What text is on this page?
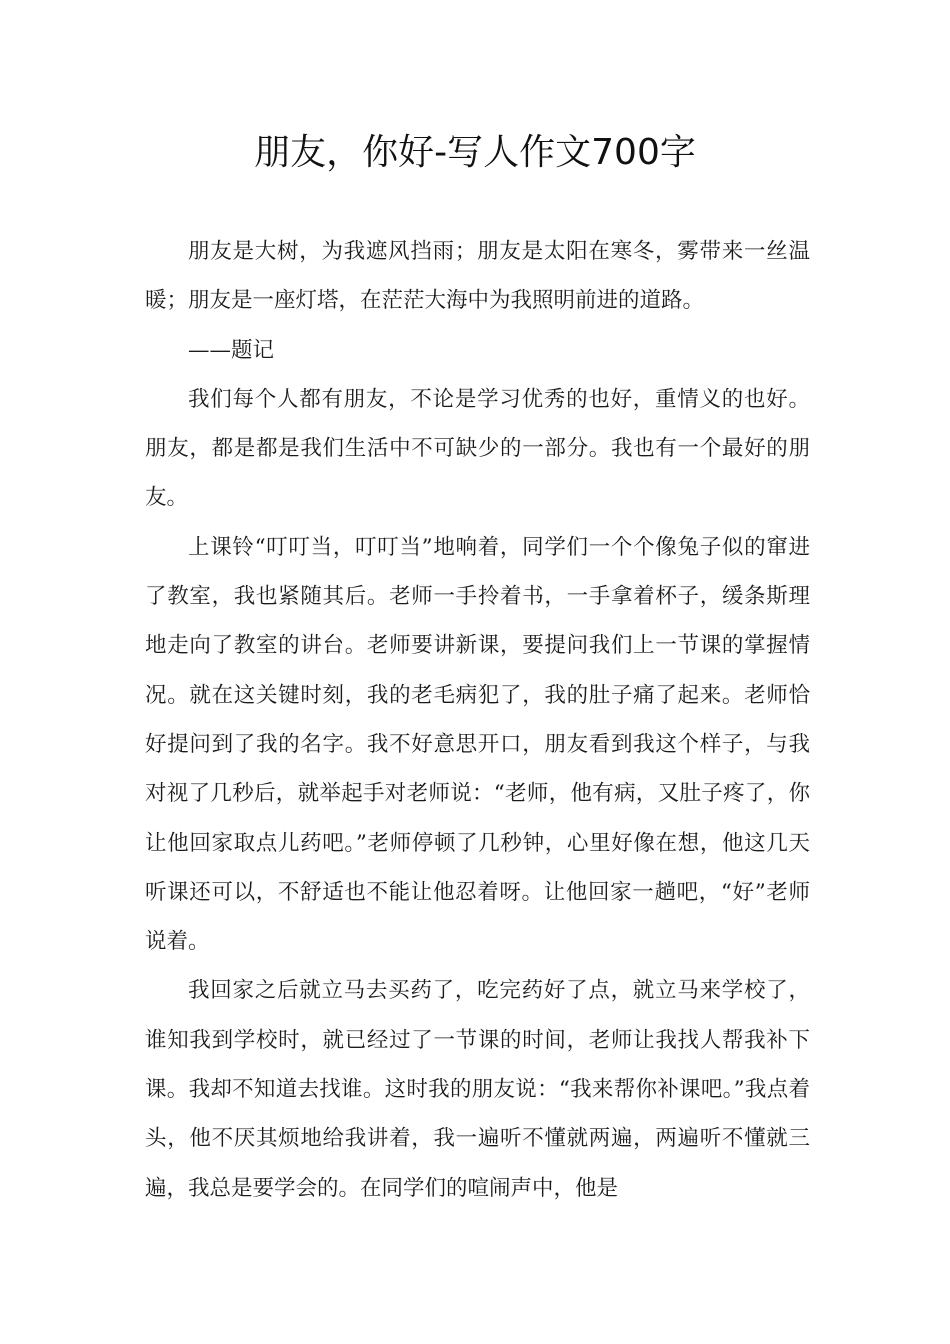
朋友，你好-写人作文700字

朋友是大树，为我遮风挡雨；朋友是太阳在寒冬，雾带来一丝温暖；朋友是一座灯塔，在茫茫大海中为我照明前进的道路。

——题记

我们每个人都有朋友，不论是学习优秀的也好，重情义的也好。朋友，都是都是我们生活中不可缺少的一部分。我也有一个最好的朋友。

上课铃“叮叮当，叮叮当”地响着，同学们一个个像兔子似的窜进了教室，我也紧随其后。老师一手拎着书，一手拿着杯子，缓条斯理地走向了教室的讲台。老师要讲新课，要提问我们上一节课的掌握情况。就在这关键时刻，我的老毛病犯了，我的肚子痛了起来。老师恰好提问到了我的名字。我不好意思开口，朋友看到我这个样子，与我对视了几秒后，就举起手对老师说：“老师，他有病，又肚子疼了，你让他回家取点儿药吧。”老师停顿了几秒钟，心里好像在想，他这几天听课还可以，不舒适也不能让他忍着呀。让他回家一趟吧，“好”老师说着。

我回家之后就立马去买药了，吃完药好了点，就立马来学校了，谁知我到学校时，就已经过了一节课的时间，老师让我找人帮我补下课。我却不知道去找谁。这时我的朋友说：“我来帮你补课吧。”我点着头，他不厌其烦地给我讲着，我一遍听不懂就两遍，两遍听不懂就三遍，我总是要学会的。在同学们的喧闹声中，他是
